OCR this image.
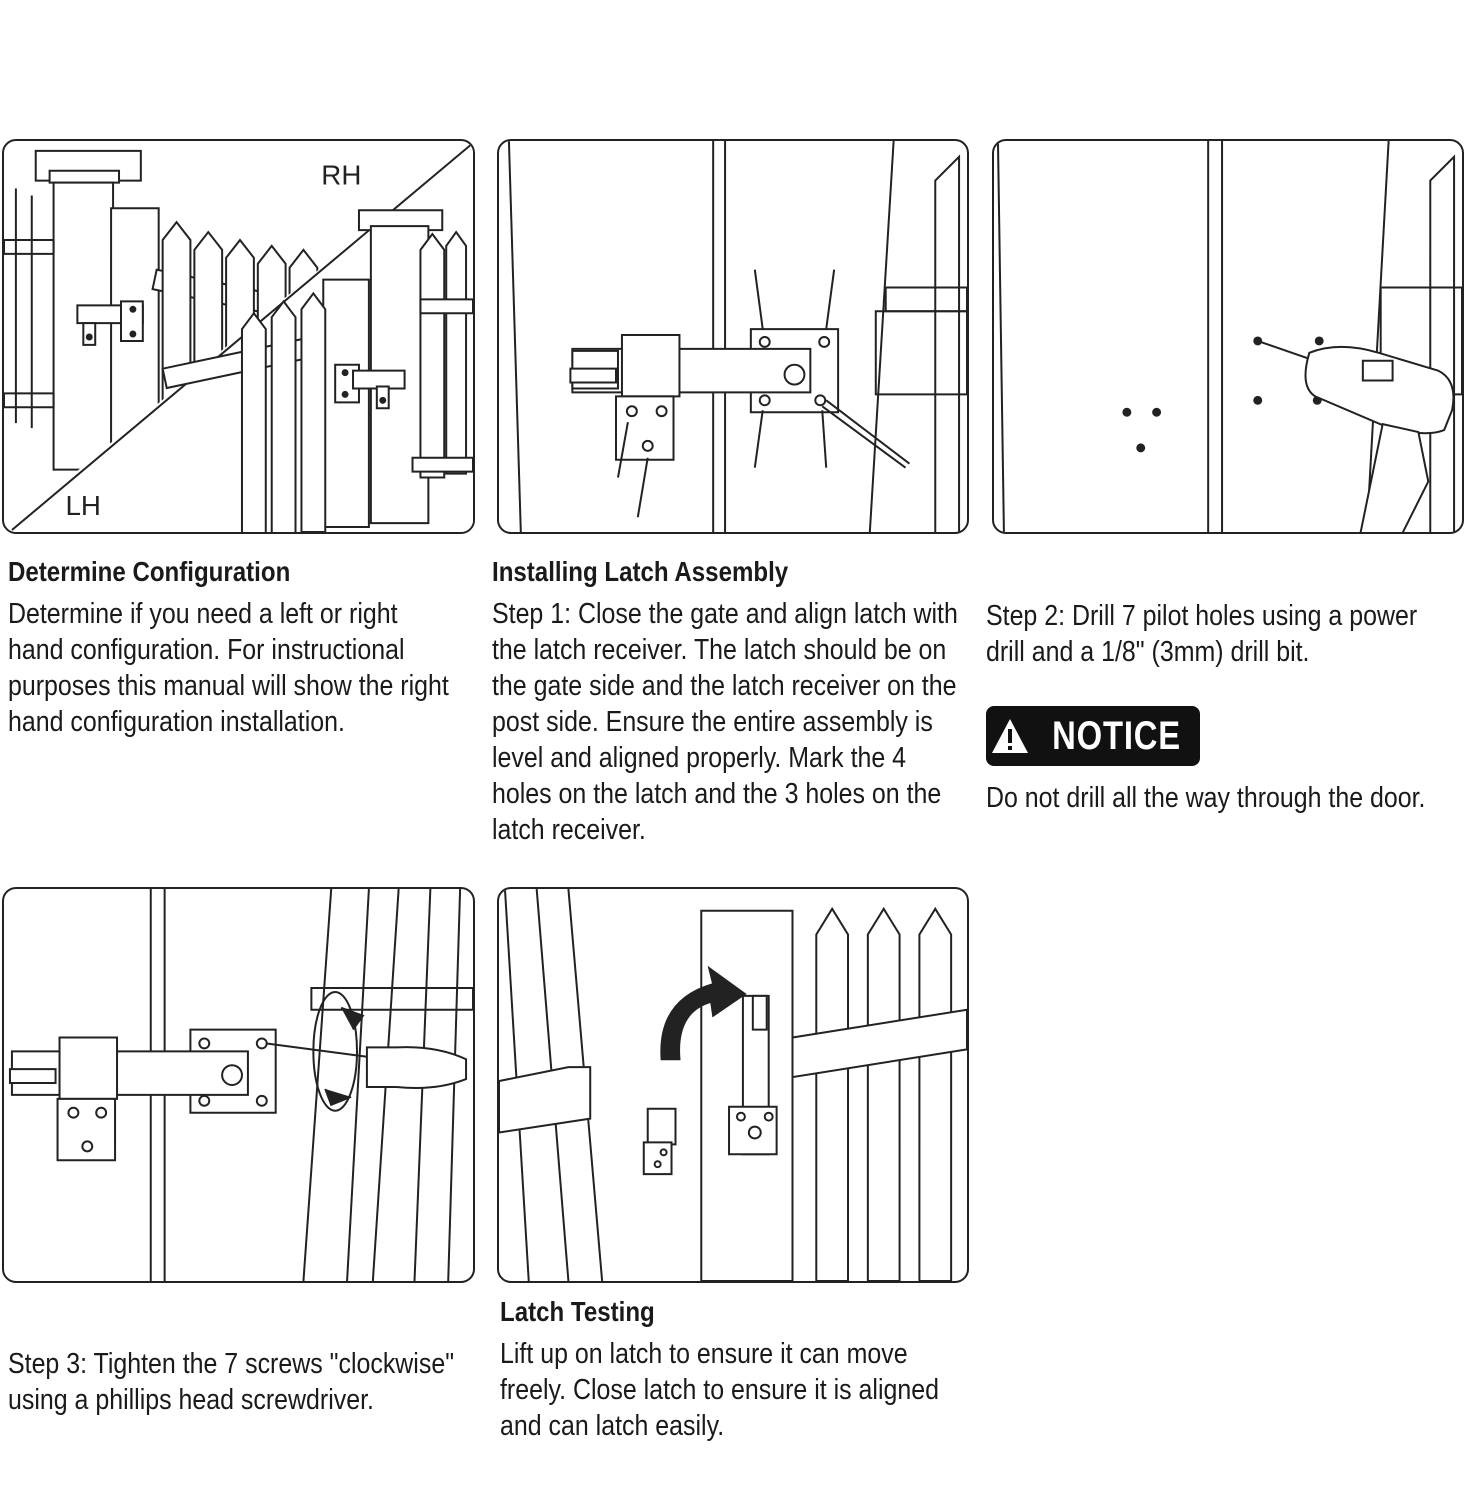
RH
LH
Determine Configuration

Determine if you need a left or right hand configuration. For instructional purposes this manual will show the right hand configuration installation.

Installing Latch Assembly

Step 1: Close the gate and align latch with the latch receiver. The latch should be on the gate side and the latch receiver on the post side. Ensure the entire assembly is level and aligned properly. Mark the 4 holes on the latch and the 3 holes on the latch receiver.

Step 2: Drill 7 pilot holes using a power drill and a 1/8" (3mm) drill bit.

NOTICE

Do not drill all the way through the door.

Step 3: Tighten the 7 screws "clockwise" using a phillips head screwdriver.

Latch Testing

Lift up on latch to ensure it can move freely. Close latch to ensure it is aligned and can latch easily.
